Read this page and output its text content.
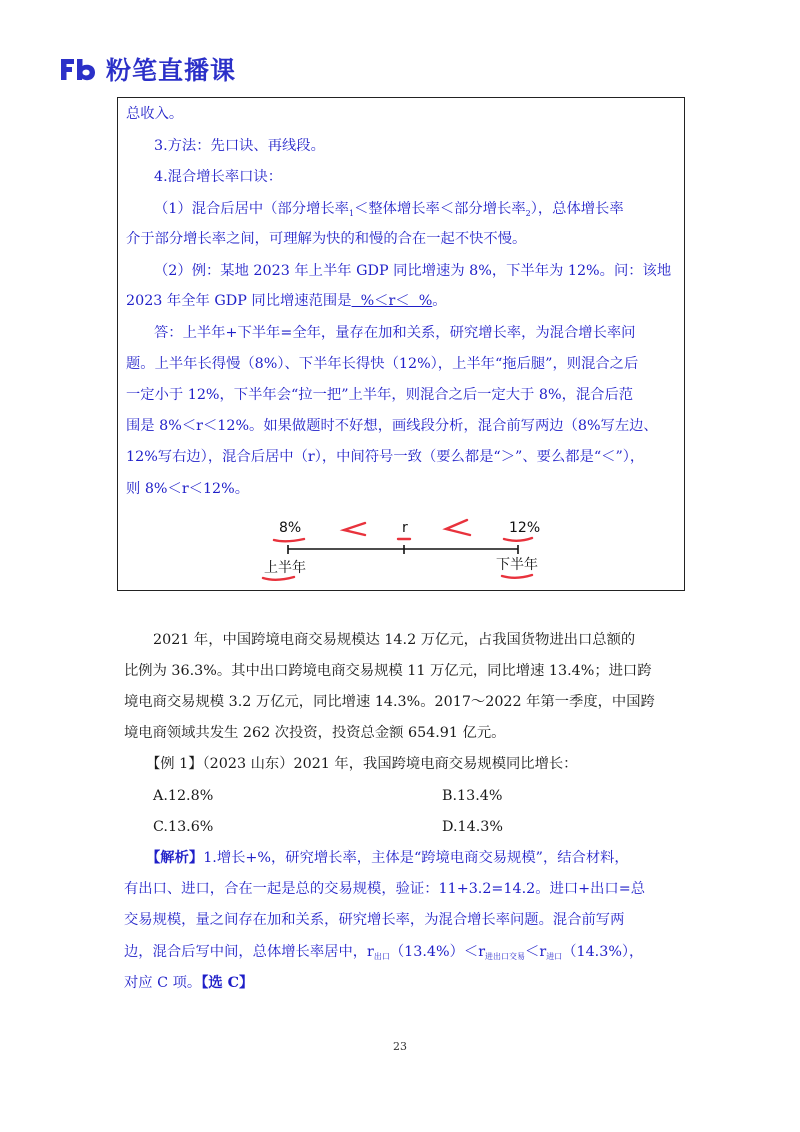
粉笔直播课

总收入。

3.方法：先口诀、再线段。

4.混合增长率口诀：

（1）混合后居中（部分增长率$_1$＜整体增长率＜部分增长率$_2$），总体增长率

介于部分增长率之间，可理解为快的和慢的合在一起不快不慢。

（2）例：某地 2023 年上半年 GDP 同比增速为 8%，下半年为 12%。问：该地

2023 年全年 GDP 同比增速范围是  %＜r＜  %。

答：上半年+下半年=全年，量存在加和关系，研究增长率，为混合增长率问

题。上半年长得慢（8%）、下半年长得快（12%），上半年“拖后腿”，则混合之后

一定小于 12%，下半年会“拉一把”上半年，则混合之后一定大于 8%，混合后范

围是 8%＜r＜12%。如果做题时不好想，画线段分析，混合前写两边（8%写左边、

12%写右边），混合后居中（r），中间符号一致（要么都是“＞”、要么都是“＜”），

则 8%＜r＜12%。

8%	r	12%
上半年	下半年

2021 年，中国跨境电商交易规模达 14.2 万亿元，占我国货物进出口总额的

比例为 36.3%。其中出口跨境电商交易规模 11 万亿元，同比增速 13.4%；进口跨

境电商交易规模 3.2 万亿元，同比增速 14.3%。2017～2022 年第一季度，中国跨

境电商领域共发生 262 次投资，投资总金额 654.91 亿元。

【例 1】（2023 山东）2021 年，我国跨境电商交易规模同比增长：

A.12.8%	B.13.4%

C.13.6%	D.14.3%

【解析】1.增长+%，研究增长率，主体是“跨境电商交易规模”，结合材料，

有出口、进口，合在一起是总的交易规模，验证：11+3.2=14.2。进口+出口=总

交易规模，量之间存在加和关系，研究增长率，为混合增长率问题。混合前写两

边，混合后写中间，总体增长率居中，$r_{出口}(13.4\%)<r_{进出口交易}<r_{进口}(14.3\%)$，

对应 C 项。【选 C】

23
